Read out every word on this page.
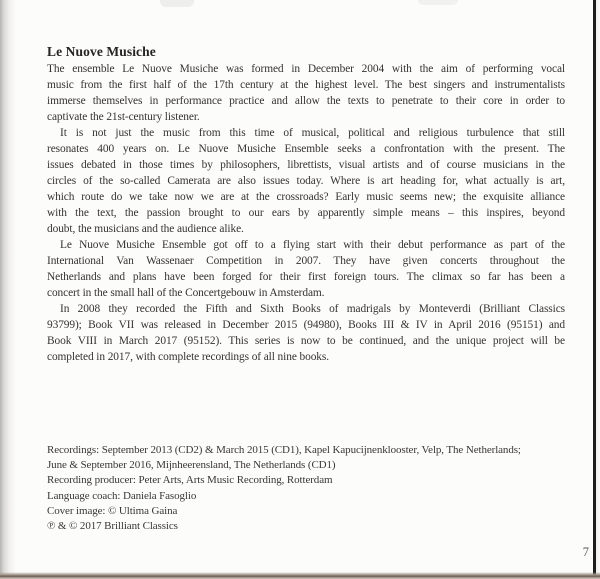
Le Nuove Musiche
The ensemble Le Nuove Musiche was formed in December 2004 with the aim of performing vocal
music from the first half of the 17th century at the highest level. The best singers and instrumentalists
immerse themselves in performance practice and allow the texts to penetrate to their core in order to
captivate the 21st-century listener.
It is not just the music from this time of musical, political and religious turbulence that still
resonates 400 years on. Le Nuove Musiche Ensemble seeks a confrontation with the present. The
issues debated in those times by philosophers, librettists, visual artists and of course musicians in the
circles of the so-called Camerata are also issues today. Where is art heading for, what actually is art,
which route do we take now we are at the crossroads? Early music seems new; the exquisite alliance
with the text, the passion brought to our ears by apparently simple means – this inspires, beyond
doubt, the musicians and the audience alike.
Le Nuove Musiche Ensemble got off to a flying start with their debut performance as part of the
International Van Wassenaer Competition in 2007. They have given concerts throughout the
Netherlands and plans have been forged for their first foreign tours. The climax so far has been a
concert in the small hall of the Concertgebouw in Amsterdam.
In 2008 they recorded the Fifth and Sixth Books of madrigals by Monteverdi (Brilliant Classics
93799); Book VII was released in December 2015 (94980), Books III & IV in April 2016 (95151) and
Book VIII in March 2017 (95152). This series is now to be continued, and the unique project will be
completed in 2017, with complete recordings of all nine books.
Recordings: September 2013 (CD2) & March 2015 (CD1), Kapel Kapucijnenklooster, Velp, The Netherlands;
June & September 2016, Mijnheerensland, The Netherlands (CD1)
Recording producer: Peter Arts, Arts Music Recording, Rotterdam
Language coach: Daniela Fasoglio
Cover image: © Ultima Gaina
℗ & © 2017 Brilliant Classics
7
